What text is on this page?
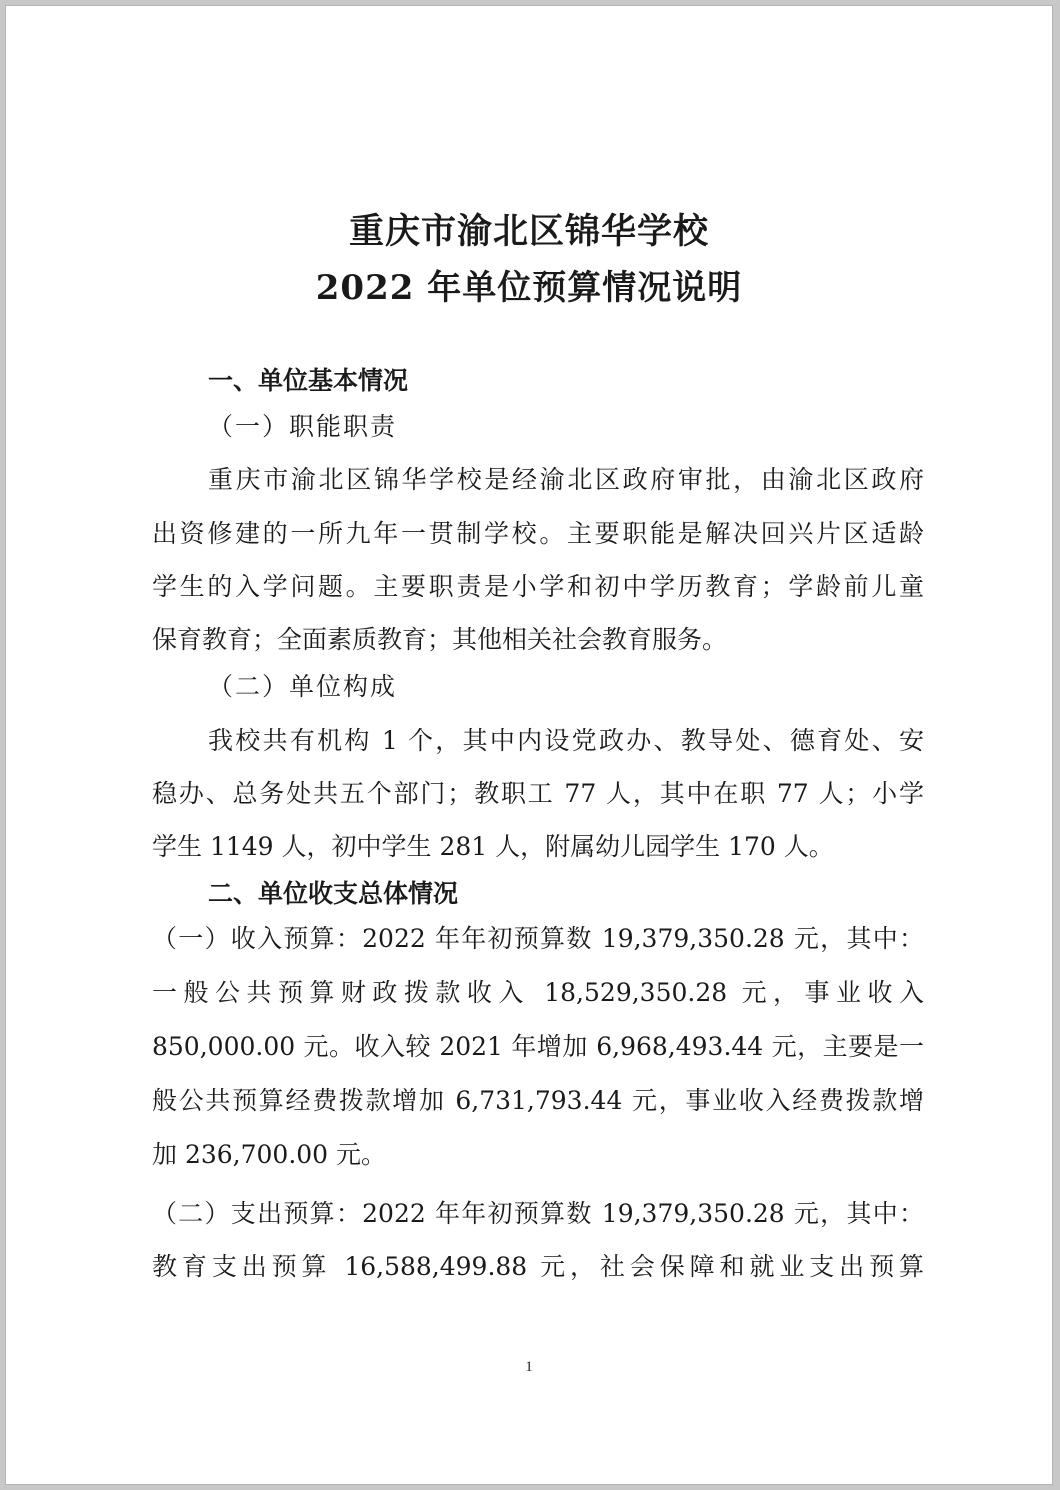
重庆市渝北区锦华学校
2022 年单位预算情况说明

一、单位基本情况

（一）职能职责

重庆市渝北区锦华学校是经渝北区政府审批，由渝北区政府

出资修建的一所九年一贯制学校。主要职能是解决回兴片区适龄

学生的入学问题。主要职责是小学和初中学历教育；学龄前儿童

保育教育；全面素质教育；其他相关社会教育服务。

（二）单位构成

我校共有机构 1 个，其中内设党政办、教导处、德育处、安

稳办、总务处共五个部门；教职工 77 人，其中在职 77 人；小学

学生 1149 人，初中学生 281 人，附属幼儿园学生 170 人。

二、单位收支总体情况

（一）收入预算：2022 年年初预算数 19,379,350.28 元，其中：

一般公共预算财政拨款收入 18,529,350.28 元，事业收入

850,000.00 元。收入较 2021 年增加 6,968,493.44 元，主要是一

般公共预算经费拨款增加 6,731,793.44 元，事业收入经费拨款增

加 236,700.00 元。

（二）支出预算：2022 年年初预算数 19,379,350.28 元，其中：

教育支出预算 16,588,499.88 元，社会保障和就业支出预算

1
